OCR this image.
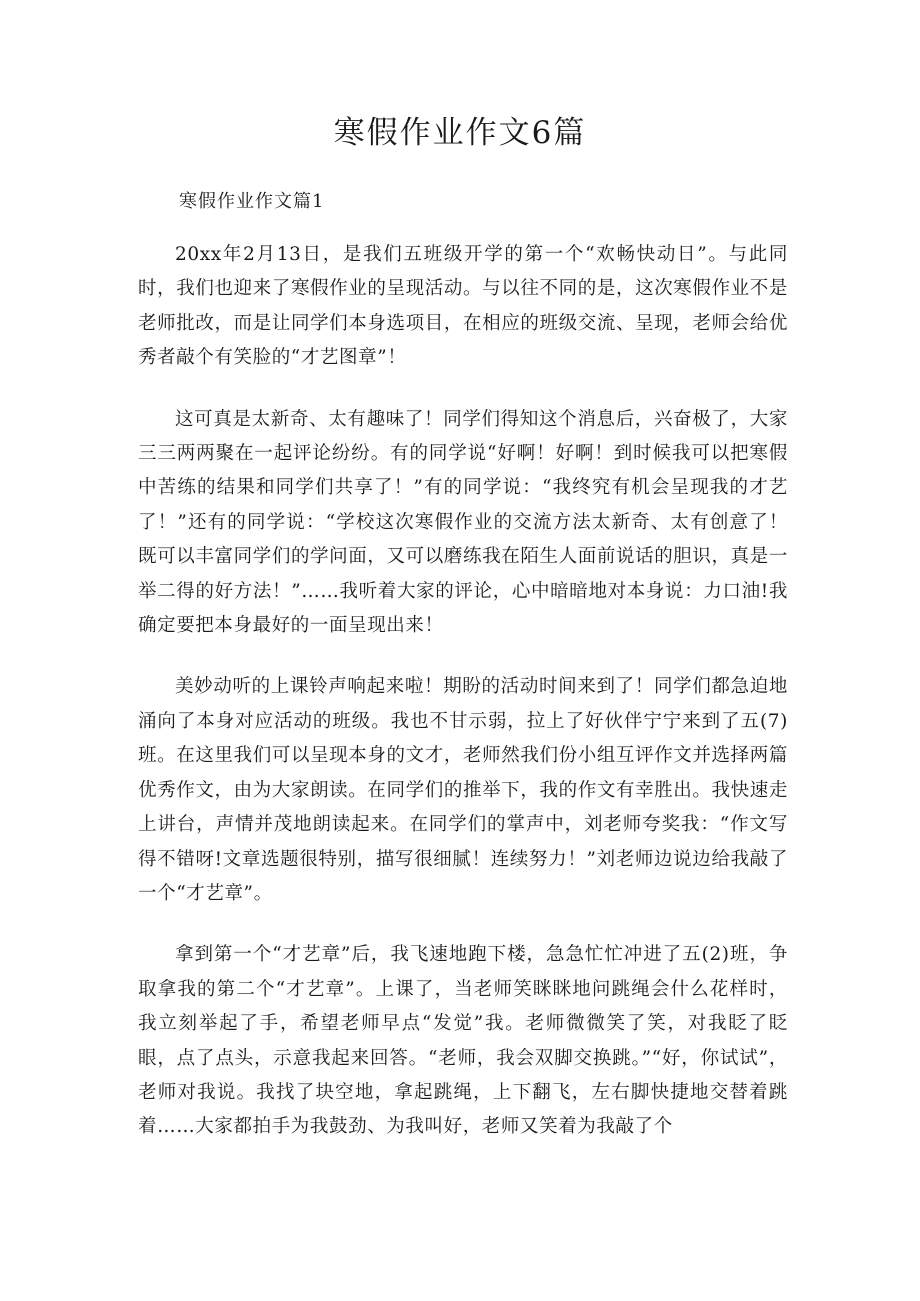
寒假作业作文6篇
寒假作业作文篇1

20xx年2月13日，是我们五班级开学的第一个“欢畅快动日”。与此同时，我们也迎来了寒假作业的呈现活动。与以往不同的是，这次寒假作业不是老师批改，而是让同学们本身选项目，在相应的班级交流、呈现，老师会给优秀者敲个有笑脸的“才艺图章”！

这可真是太新奇、太有趣味了！同学们得知这个消息后，兴奋极了，大家三三两两聚在一起评论纷纷。有的同学说“好啊！好啊！到时候我可以把寒假中苦练的结果和同学们共享了！”有的同学说：“我终究有机会呈现我的才艺了！”还有的同学说：“学校这次寒假作业的交流方法太新奇、太有创意了！既可以丰富同学们的学问面，又可以磨练我在陌生人面前说话的胆识，真是一举二得的好方法！”……我听着大家的评论，心中暗暗地对本身说：力口油!我确定要把本身最好的一面呈现出来！

美妙动听的上课铃声响起来啦！期盼的活动时间来到了！同学们都急迫地涌向了本身对应活动的班级。我也不甘示弱，拉上了好伙伴宁宁来到了五(7)班。在这里我们可以呈现本身的文才，老师然我们份小组互评作文并选择两篇优秀作文，由为大家朗读。在同学们的推举下，我的作文有幸胜出。我快速走上讲台，声情并茂地朗读起来。在同学们的掌声中，刘老师夸奖我：“作文写得不错呀!文章选题很特别，描写很细腻！连续努力！”刘老师边说边给我敲了一个“才艺章”。

拿到第一个“才艺章”后，我飞速地跑下楼，急急忙忙冲进了五(2)班，争取拿我的第二个“才艺章”。上课了，当老师笑眯眯地问跳绳会什么花样时，我立刻举起了手，希望老师早点“发觉”我。老师微微笑了笑，对我眨了眨眼，点了点头，示意我起来回答。“老师，我会双脚交换跳。”“好，你试试”，老师对我说。我找了块空地，拿起跳绳，上下翻飞，左右脚快捷地交替着跳着……大家都拍手为我鼓劲、为我叫好，老师又笑着为我敲了个
